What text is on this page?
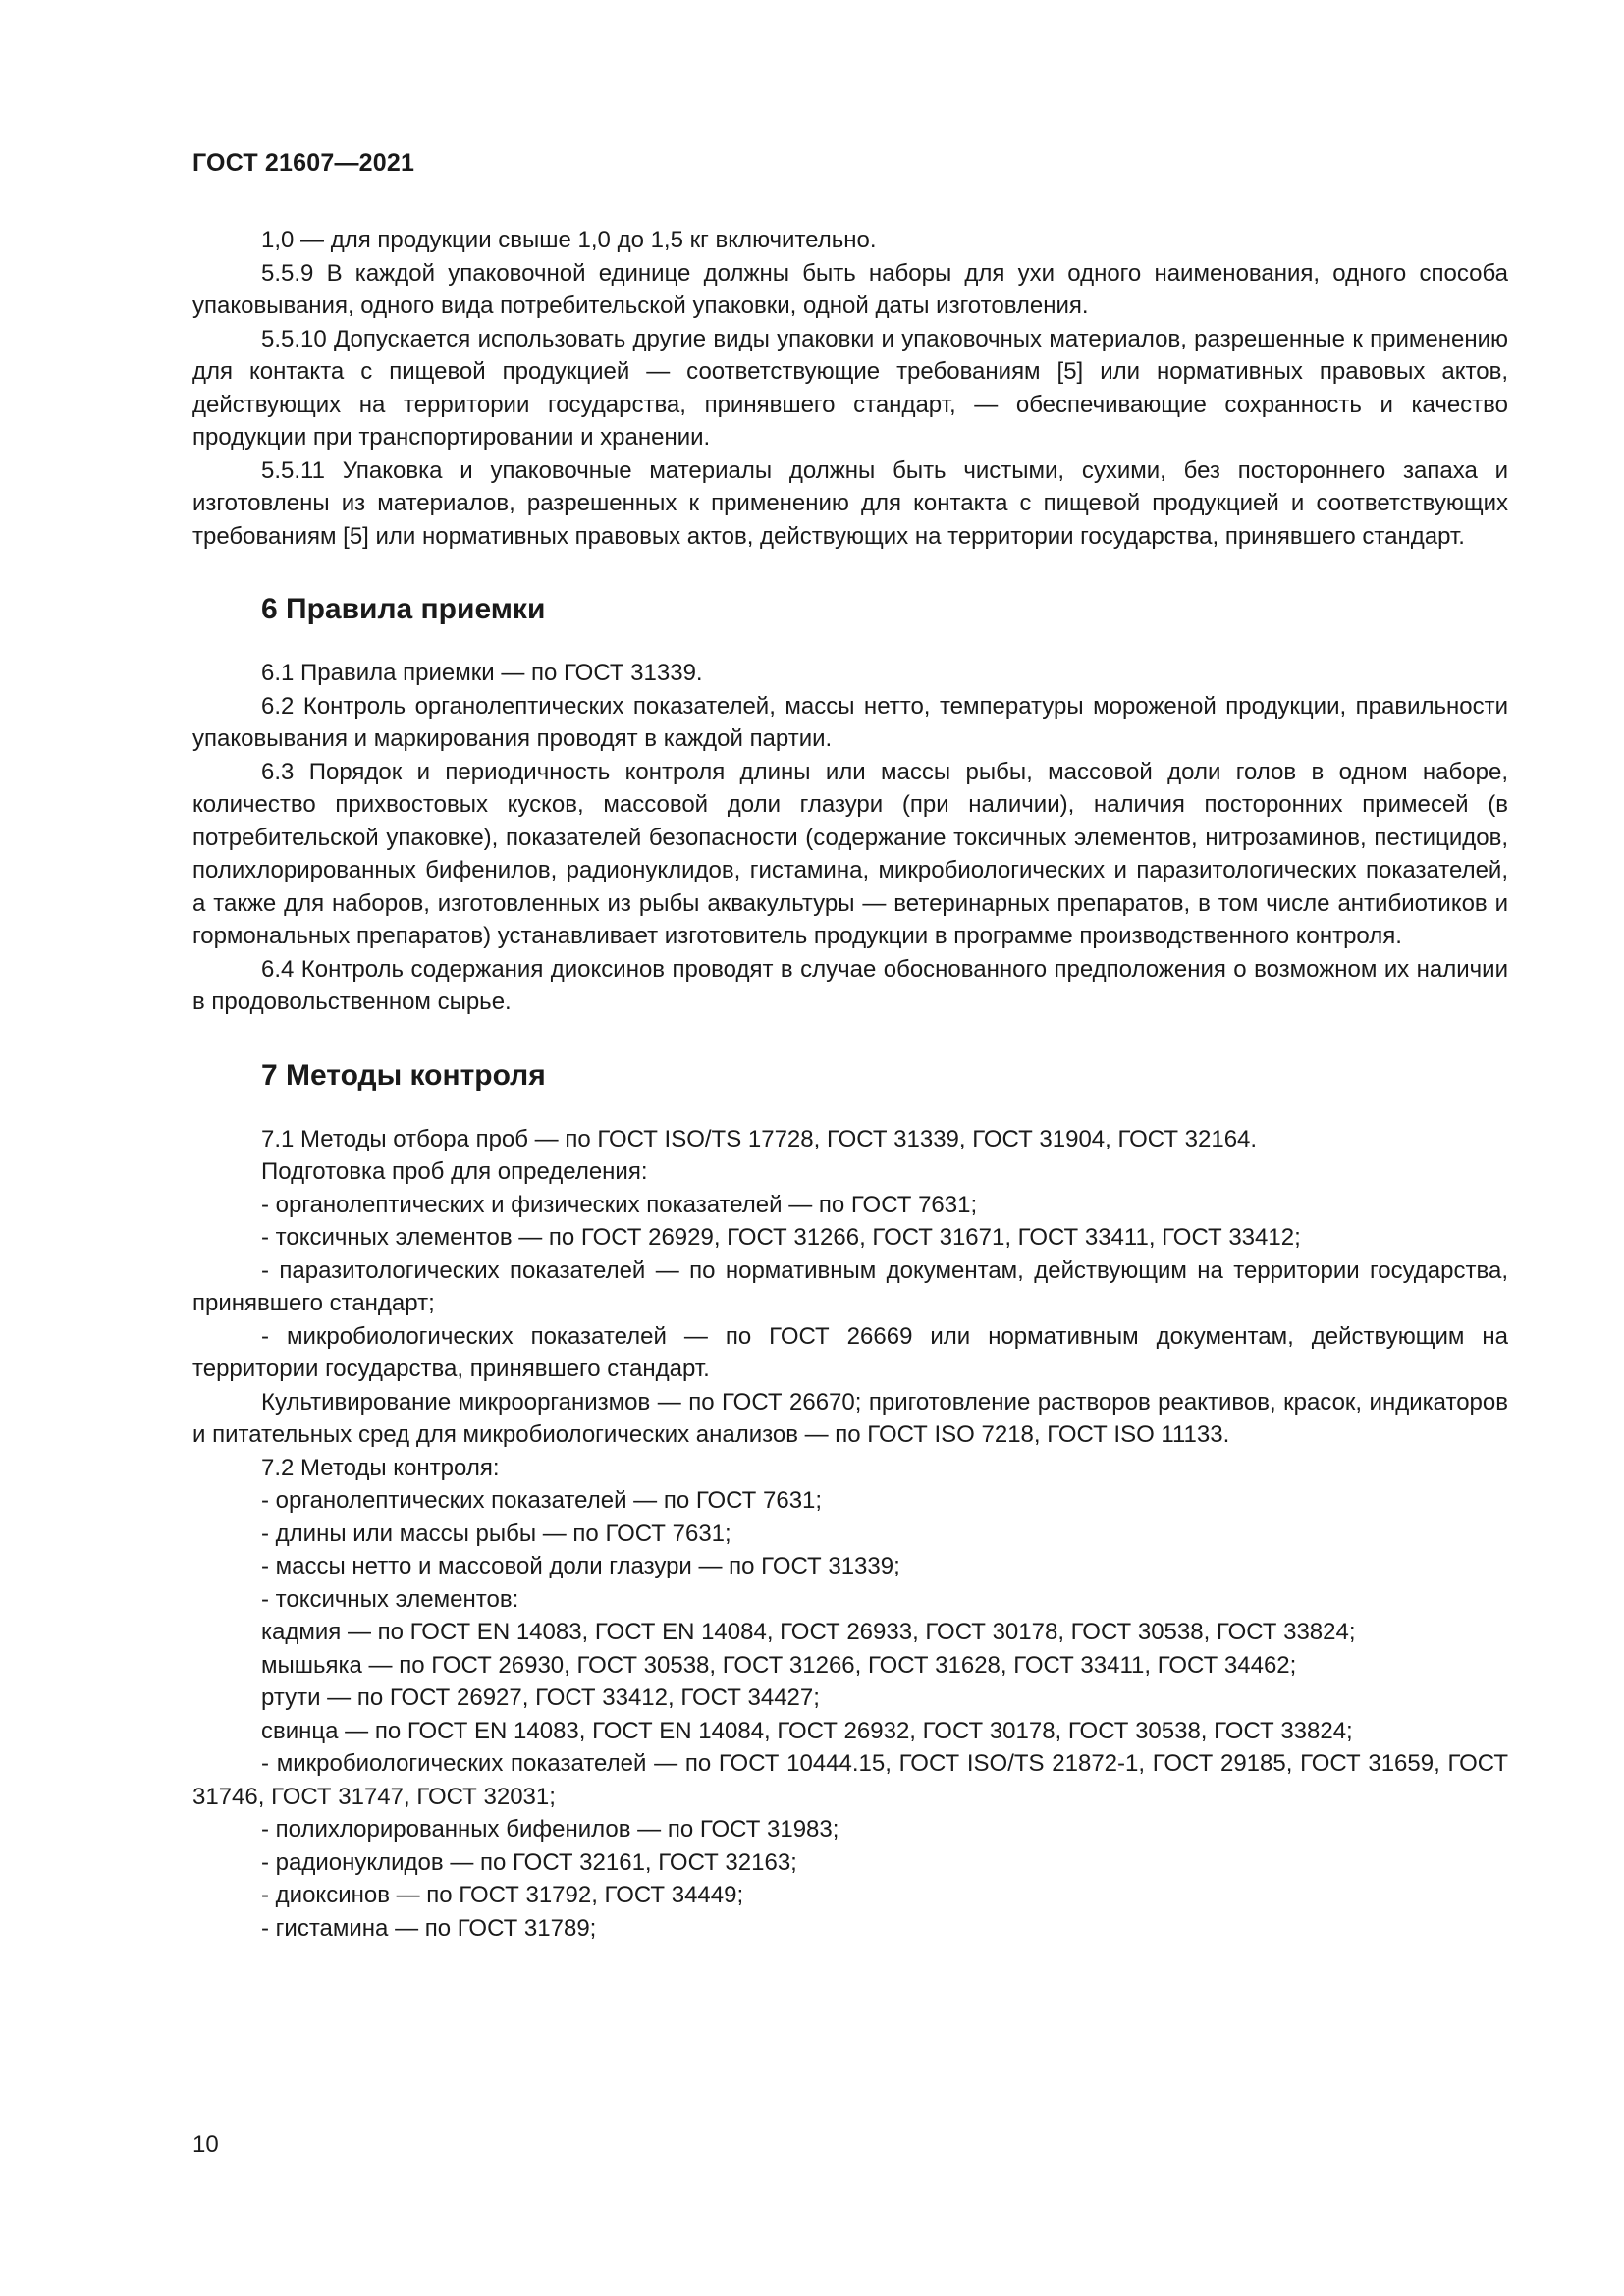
ГОСТ 21607—2021

1,0 — для продукции свыше 1,0 до 1,5 кг включительно.

5.5.9 В каждой упаковочной единице должны быть наборы для ухи одного наименования, одного способа упаковывания, одного вида потребительской упаковки, одной даты изготовления.

5.5.10 Допускается использовать другие виды упаковки и упаковочных материалов, разрешенные к применению для контакта с пищевой продукцией — соответствующие требованиям [5] или нормативных правовых актов, действующих на территории государства, принявшего стандарт, — обеспечивающие сохранность и качество продукции при транспортировании и хранении.

5.5.11 Упаковка и упаковочные материалы должны быть чистыми, сухими, без постороннего запаха и изготовлены из материалов, разрешенных к применению для контакта с пищевой продукцией и соответствующих требованиям [5] или нормативных правовых актов, действующих на территории государства, принявшего стандарт.

6 Правила приемки

6.1 Правила приемки — по ГОСТ 31339.

6.2 Контроль органолептических показателей, массы нетто, температуры мороженой продукции, правильности упаковывания и маркирования проводят в каждой партии.

6.3 Порядок и периодичность контроля длины или массы рыбы, массовой доли голов в одном наборе, количество прихвостовых кусков, массовой доли глазури (при наличии), наличия посторонних примесей (в потребительской упаковке), показателей безопасности (содержание токсичных элементов, нитрозаминов, пестицидов, полихлорированных бифенилов, радионуклидов, гистамина, микробиологических и паразитологических показателей, а также для наборов, изготовленных из рыбы аквакультуры — ветеринарных препаратов, в том числе антибиотиков и гормональных препаратов) устанавливает изготовитель продукции в программе производственного контроля.

6.4 Контроль содержания диоксинов проводят в случае обоснованного предположения о возможном их наличии в продовольственном сырье.

7 Методы контроля

7.1 Методы отбора проб — по ГОСТ ISO/TS 17728, ГОСТ 31339, ГОСТ 31904, ГОСТ 32164.

Подготовка проб для определения:

- органолептических и физических показателей — по ГОСТ 7631;

- токсичных элементов — по ГОСТ 26929, ГОСТ 31266, ГОСТ 31671, ГОСТ 33411, ГОСТ 33412;

- паразитологических показателей — по нормативным документам, действующим на территории государства, принявшего стандарт;

- микробиологических показателей — по ГОСТ 26669 или нормативным документам, действующим на территории государства, принявшего стандарт.

Культивирование микроорганизмов — по ГОСТ 26670; приготовление растворов реактивов, красок, индикаторов и питательных сред для микробиологических анализов — по ГОСТ ISO 7218, ГОСТ ISO 11133.

7.2 Методы контроля:

- органолептических показателей — по ГОСТ 7631;

- длины или массы рыбы — по ГОСТ 7631;

- массы нетто и массовой доли глазури — по ГОСТ 31339;

- токсичных элементов:

кадмия — по ГОСТ EN 14083, ГОСТ EN 14084, ГОСТ 26933, ГОСТ 30178, ГОСТ 30538, ГОСТ 33824;

мышьяка — по ГОСТ 26930, ГОСТ 30538, ГОСТ 31266, ГОСТ 31628, ГОСТ 33411, ГОСТ 34462;

ртути — по ГОСТ 26927, ГОСТ 33412, ГОСТ 34427;

свинца — по ГОСТ EN 14083, ГОСТ EN 14084, ГОСТ 26932, ГОСТ 30178, ГОСТ 30538, ГОСТ 33824;

- микробиологических показателей — по ГОСТ 10444.15, ГОСТ ISO/TS 21872-1, ГОСТ 29185, ГОСТ 31659, ГОСТ 31746, ГОСТ 31747, ГОСТ 32031;

- полихлорированных бифенилов — по ГОСТ 31983;

- радионуклидов — по ГОСТ 32161, ГОСТ 32163;

- диоксинов — по ГОСТ 31792, ГОСТ 34449;

- гистамина — по ГОСТ 31789;

10
